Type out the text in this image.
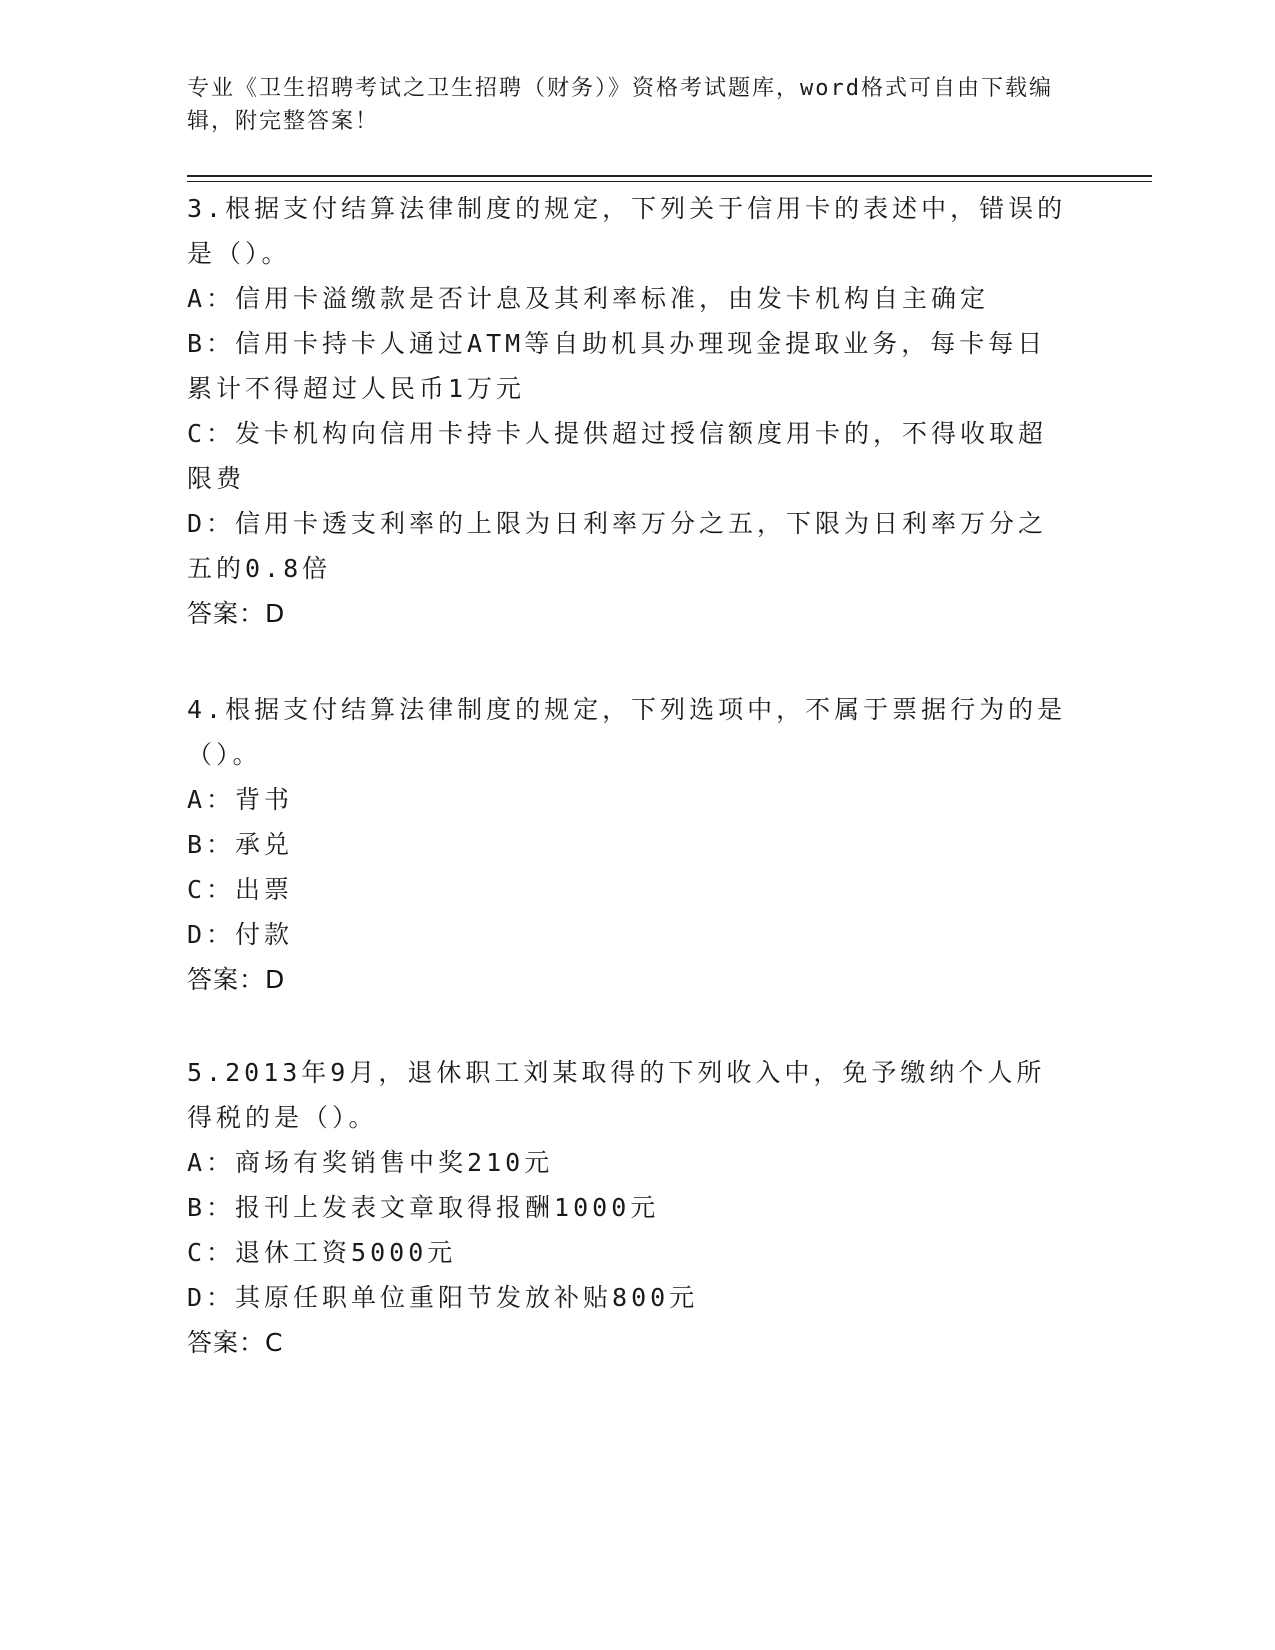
专业《卫生招聘考试之卫生招聘（财务）》资格考试题库，word格式可自由下载编辑，附完整答案！

3.根据支付结算法律制度的规定，下列关于信用卡的表述中，错误的是（）。

A：信用卡溢缴款是否计息及其利率标准，由发卡机构自主确定

B：信用卡持卡人通过ATM等自助机具办理现金提取业务，每卡每日累计不得超过人民币1万元

C：发卡机构向信用卡持卡人提供超过授信额度用卡的，不得收取超限费

D：信用卡透支利率的上限为日利率万分之五，下限为日利率万分之五的0.8倍

答案：D

4.根据支付结算法律制度的规定，下列选项中，不属于票据行为的是（）。

A：背书

B：承兑

C：出票

D：付款

答案：D

5.2013年9月，退休职工刘某取得的下列收入中，免予缴纳个人所得税的是（）。

A：商场有奖销售中奖210元

B：报刊上发表文章取得报酬1000元

C：退休工资5000元

D：其原任职单位重阳节发放补贴800元

答案：C
